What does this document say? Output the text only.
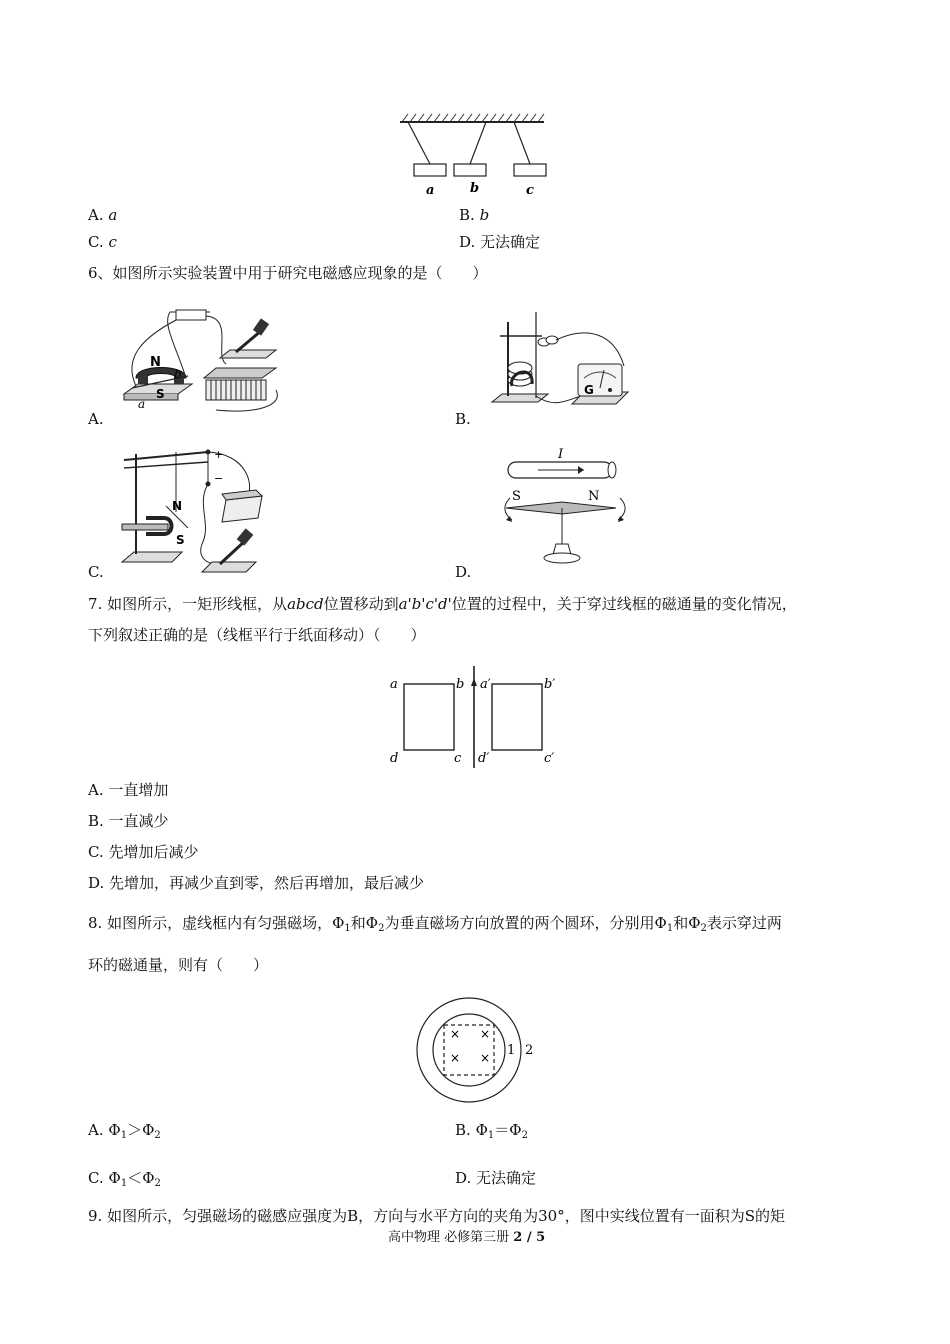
a	b	c
A. a	B. b
C. c	D. 无法确定
6、如图所示实验装置中用于研究电磁感应现象的是（　　）
N
b
a
S
A.
G
B.
+
−
N
S
C.
I
S	N
D.
7. 如图所示，一矩形线框，从abcd位置移动到a'b'c'd'位置的过程中，关于穿过线框的磁通量的变化情况，
下列叙述正确的是（线框平行于纸面移动）（　　）
a	b a′	b′
d	c d′	c′
A. 一直增加
B. 一直减少
C. 先增加后减少
D. 先增加，再减少直到零，然后再增加，最后减少
8. 如图所示，虚线框内有匀强磁场，$\Phi_1$和$\Phi_2$为垂直磁场方向放置的两个圆环，分别用$\Phi_1$和$\Phi_2$表示穿过两
环的磁通量，则有（　　）
× ×
× × 1 2
A. $\Phi_1>\Phi_2$	B. $\Phi_1=\Phi_2$
C. $\Phi_1<\Phi_2$	D. 无法确定
9. 如图所示，匀强磁场的磁感应强度为B，方向与水平方向的夹角为30°，图中实线位置有一面积为S的矩
高中物理 必修第三册 2 / 5
